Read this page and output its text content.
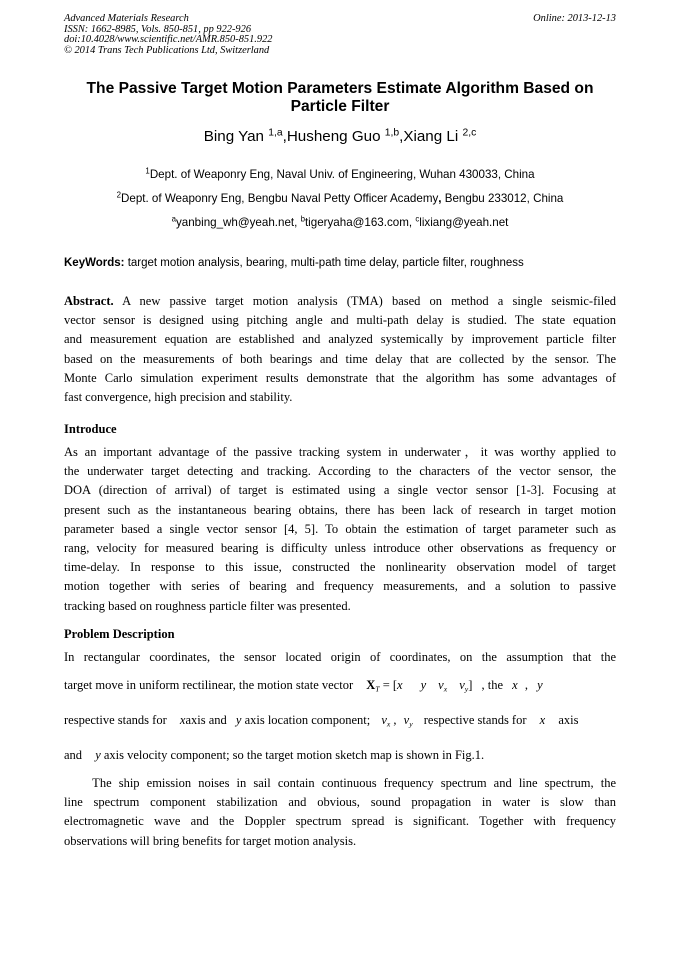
Advanced Materials Research
ISSN: 1662-8985, Vols. 850-851, pp 922-926
doi:10.4028/www.scientific.net/AMR.850-851.922
© 2014 Trans Tech Publications Ltd, Switzerland
Online: 2013-12-13
The Passive Target Motion Parameters Estimate Algorithm Based on
Particle Filter
Bing Yan $^{1,a}$,Husheng Guo $^{1,b}$,Xiang Li $^{2,c}$
$^1$Dept. of Weaponry Eng, Naval Univ. of Engineering, Wuhan 430033, China
$^2$Dept. of Weaponry Eng, Bengbu Naval Petty Officer Academy, Bengbu 233012, China
$^a$yanbing_wh@yeah.net, $^b$tigeryaha@163.com, $^c$lixiang@yeah.net
KeyWords: target motion analysis, bearing, multi-path time delay, particle filter, roughness
Abstract. A new passive target motion analysis (TMA) based on method a single seismic-filed
vector sensor is designed using pitching angle and multi-path delay is studied. The state equation
and measurement equation are established and analyzed systemically by improvement particle filter
based on the measurements of both bearings and time delay that are collected by the sensor. The
Monte Carlo simulation experiment results demonstrate that the algorithm has some advantages of
fast convergence, high precision and stability.
Introduce
As an important advantage of the passive tracking system in underwater，it was worthy applied to
the underwater target detecting and tracking. According to the characters of the vector sensor, the
DOA (direction of arrival) of target is estimated using a single vector sensor [1-3]. Focusing at
present such as the instantaneous bearing obtains, there has been lack of research in target motion
parameter based a single vector sensor [4, 5]. To obtain the estimation of target parameter such as
rang, velocity for measured bearing is difficulty unless introduce other observations as frequency or
time-delay. In response to this issue, constructed the nonlinearity observation model of target
motion together with series of bearing and frequency measurements, and a solution to passive
tracking based on roughness particle filter was presented.
Problem Description
In rectangular coordinates, the sensor located origin of coordinates, on the assumption that the
target move in uniform rectilinear, the motion state vector $X_T = [x$ y $v_x$ $v_y$] , the x , y
respective stands for xaxis and y axis location component; $v_x$ , $v_y$ respective stands for x axis
and y axis velocity component; so the target motion sketch map is shown in Fig.1.
The ship emission noises in sail contain continuous frequency spectrum and line spectrum, the
line spectrum component stabilization and obvious, sound propagation in water is slow than
electromagnetic wave and the Doppler spectrum spread is significant. Together with frequency
observations will bring benefits for target motion analysis.
